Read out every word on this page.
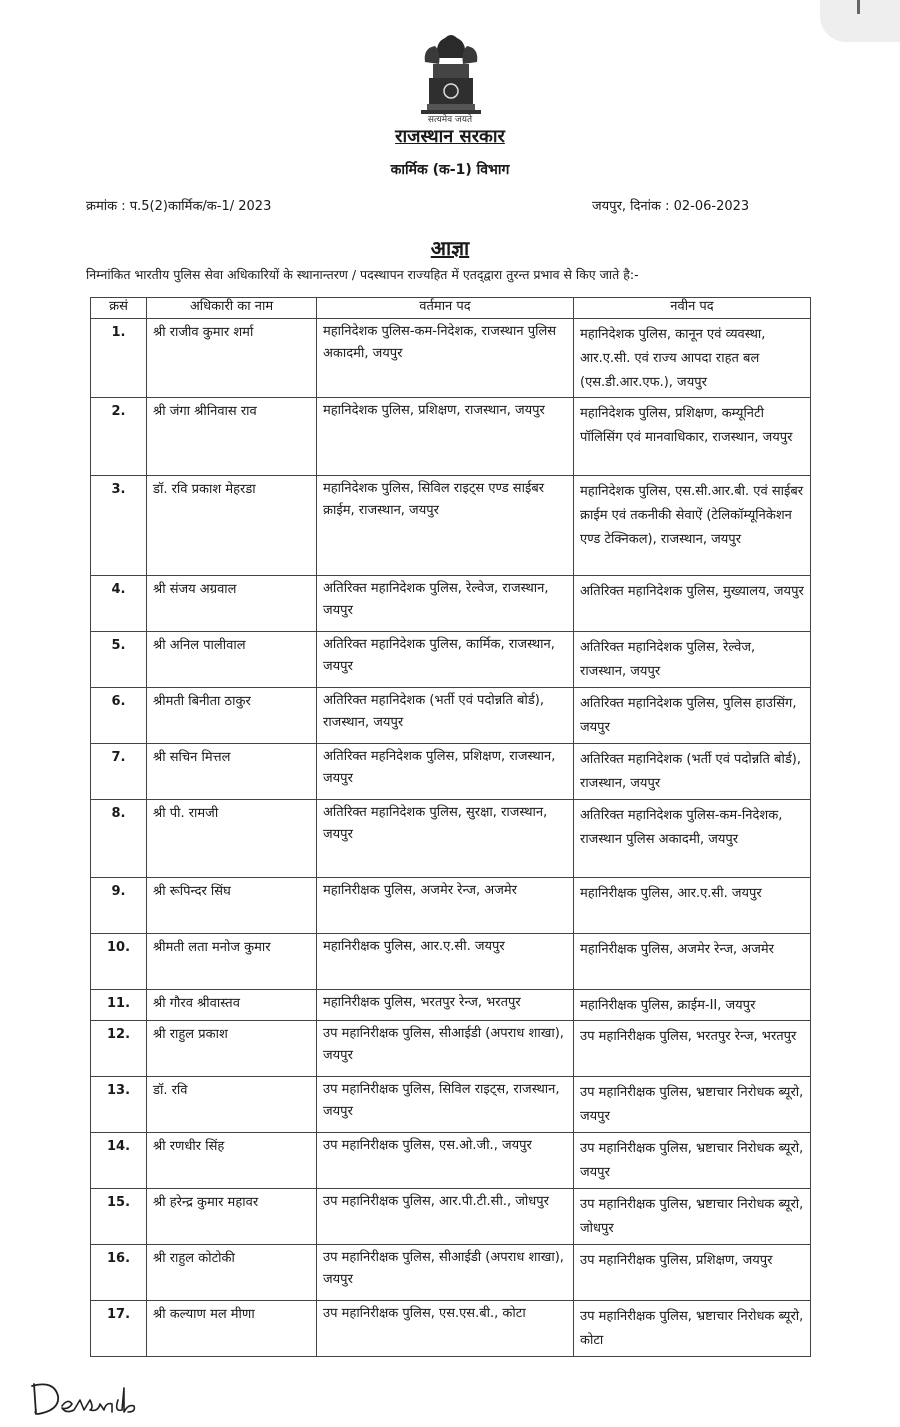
सत्यमेव जयते
राजस्थान सरकार
कार्मिक (क-1) विभाग
क्रमांक : प.5(2)कार्मिक/क-1/ 2023	जयपुर, दिनांक : 02-06-2023
आज्ञा
निम्नांकित भारतीय पुलिस सेवा अधिकारियों के स्थानान्तरण / पदस्थापन राज्यहित में एतद्‌द्वारा तुरन्त प्रभाव से किए जाते है:-
क्रसं	अधिकारी का नाम	वर्तमान पद	नवीन पद
1.	श्री राजीव कुमार शर्मा	महानिदेशक पुलिस-कम-निदेशक, राजस्थान पुलिस अकादमी, जयपुर	महानिदेशक पुलिस, कानून एवं व्यवस्था, आर.ए.सी. एवं राज्य आपदा राहत बल (एस.डी.आर.एफ.), जयपुर
2.	श्री जंगा श्रीनिवास राव	महानिदेशक पुलिस, प्रशिक्षण, राजस्थान, जयपुर	महानिदेशक पुलिस, प्रशिक्षण, कम्यूनिटी पॉलिसिंग एवं मानवाधिकार, राजस्थान, जयपुर
3.	डॉ. रवि प्रकाश मेहरडा	महानिदेशक पुलिस, सिविल राइट्स एण्ड साईबर क्राईम, राजस्थान, जयपुर	महानिदेशक पुलिस, एस.सी.आर.बी. एवं साईबर क्राईम एवं तकनीकी सेवाऐं (टेलिकॉम्यूनिकेशन एण्ड टेक्निकल), राजस्थान, जयपुर
4.	श्री संजय अग्रवाल	अतिरिक्त महानिदेशक पुलिस, रेल्वेज, राजस्थान, जयपुर	अतिरिक्त महानिदेशक पुलिस, मुख्यालय, जयपुर
5.	श्री अनिल पालीवाल	अतिरिक्त महानिदेशक पुलिस, कार्मिक, राजस्थान, जयपुर	अतिरिक्त महानिदेशक पुलिस, रेल्वेज, राजस्थान, जयपुर
6.	श्रीमती बिनीता ठाकुर	अतिरिक्त महानिदेशक (भर्ती एवं पदोन्नति बोर्ड), राजस्थान, जयपुर	अतिरिक्त महानिदेशक पुलिस, पुलिस हाउसिंग, जयपुर
7.	श्री सचिन मित्तल	अतिरिक्त महनिदेशक पुलिस, प्रशिक्षण, राजस्थान, जयपुर	अतिरिक्त महानिदेशक (भर्ती एवं पदोन्नति बोर्ड), राजस्थान, जयपुर
8.	श्री पी. रामजी	अतिरिक्त महानिदेशक पुलिस, सुरक्षा, राजस्थान, जयपुर	अतिरिक्त महानिदेशक पुलिस-कम-निदेशक, राजस्थान पुलिस अकादमी, जयपुर
9.	श्री रूपिन्दर सिंघ	महानिरीक्षक पुलिस, अजमेर रेन्ज, अजमेर	महानिरीक्षक पुलिस, आर.ए.सी. जयपुर
10.	श्रीमती लता मनोज कुमार	महानिरीक्षक पुलिस, आर.ए.सी. जयपुर	महानिरीक्षक पुलिस, अजमेर रेन्ज, अजमेर
11.	श्री गौरव श्रीवास्तव	महानिरीक्षक पुलिस, भरतपुर रेन्ज, भरतपुर	महानिरीक्षक पुलिस, क्राईम-II, जयपुर
12.	श्री राहुल प्रकाश	उप महानिरीक्षक पुलिस, सीआईडी (अपराध शाखा), जयपुर	उप महानिरीक्षक पुलिस, भरतपुर रेन्ज, भरतपुर
13.	डॉ. रवि	उप महानिरीक्षक पुलिस, सिविल राइट्स, राजस्थान, जयपुर	उप महानिरीक्षक पुलिस, भ्रष्टाचार निरोधक ब्यूरो, जयपुर
14.	श्री रणधीर सिंह	उप महानिरीक्षक पुलिस, एस.ओ.जी., जयपुर	उप महानिरीक्षक पुलिस, भ्रष्टाचार निरोधक ब्यूरो, जयपुर
15.	श्री हरेन्द्र कुमार महावर	उप महानिरीक्षक पुलिस, आर.पी.टी.सी., जोधपुर	उप महानिरीक्षक पुलिस, भ्रष्टाचार निरोधक ब्यूरो, जोधपुर
16.	श्री राहुल कोटोकी	उप महानिरीक्षक पुलिस, सीआईडी (अपराध शाखा), जयपुर	उप महानिरीक्षक पुलिस, प्रशिक्षण, जयपुर
17.	श्री कल्याण मल मीणा	उप महानिरीक्षक पुलिस, एस.एस.बी., कोटा	उप महानिरीक्षक पुलिस, भ्रष्टाचार निरोधक ब्यूरो, कोटा
